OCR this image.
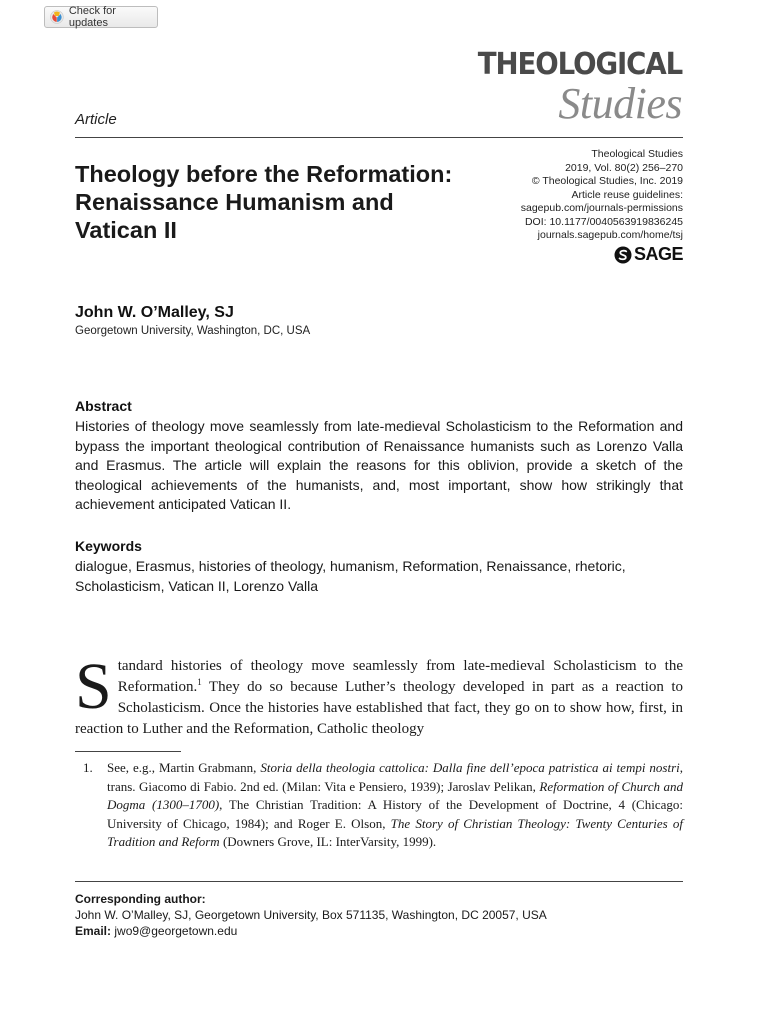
Check for updates
THEOLOGICAL
Studies
Article
Theology before the Reformation: Renaissance Humanism and Vatican II
Theological Studies
2019, Vol. 80(2) 256–270
© Theological Studies, Inc. 2019
Article reuse guidelines:
sagepub.com/journals-permissions
DOI: 10.1177/0040563919836245
journals.sagepub.com/home/tsj
SAGE
John W. O’Malley, SJ
Georgetown University, Washington, DC, USA
Abstract

Histories of theology move seamlessly from late-medieval Scholasticism to the Reformation and bypass the important theological contribution of Renaissance humanists such as Lorenzo Valla and Erasmus. The article will explain the reasons for this oblivion, provide a sketch of the theological achievements of the humanists, and, most important, show how strikingly that achievement anticipated Vatican II.

Keywords

dialogue, Erasmus, histories of theology, humanism, Reformation, Renaissance, rhetoric, Scholasticism, Vatican II, Lorenzo Valla

Standard histories of theology move seamlessly from late-medieval Scholasticism to the Reformation.$^1$ They do so because Luther’s theology developed in part as a reaction to Scholasticism. Once the histories have established that fact, they go on to show how, first, in reaction to Luther and the Reformation, Catholic theology

1. See, e.g., Martin Grabmann, Storia della theologia cattolica: Dalla fine dell’epoca patristica ai tempi nostri, trans. Giacomo di Fabio. 2nd ed. (Milan: Vita e Pensiero, 1939); Jaroslav Pelikan, Reformation of Church and Dogma (1300–1700), The Christian Tradition: A History of the Development of Doctrine, 4 (Chicago: University of Chicago, 1984); and Roger E. Olson, The Story of Christian Theology: Twenty Centuries of Tradition and Reform (Downers Grove, IL: InterVarsity, 1999).
Corresponding author:
John W. O’Malley, SJ, Georgetown University, Box 571135, Washington, DC 20057, USA
Email: jwo9@georgetown.edu
